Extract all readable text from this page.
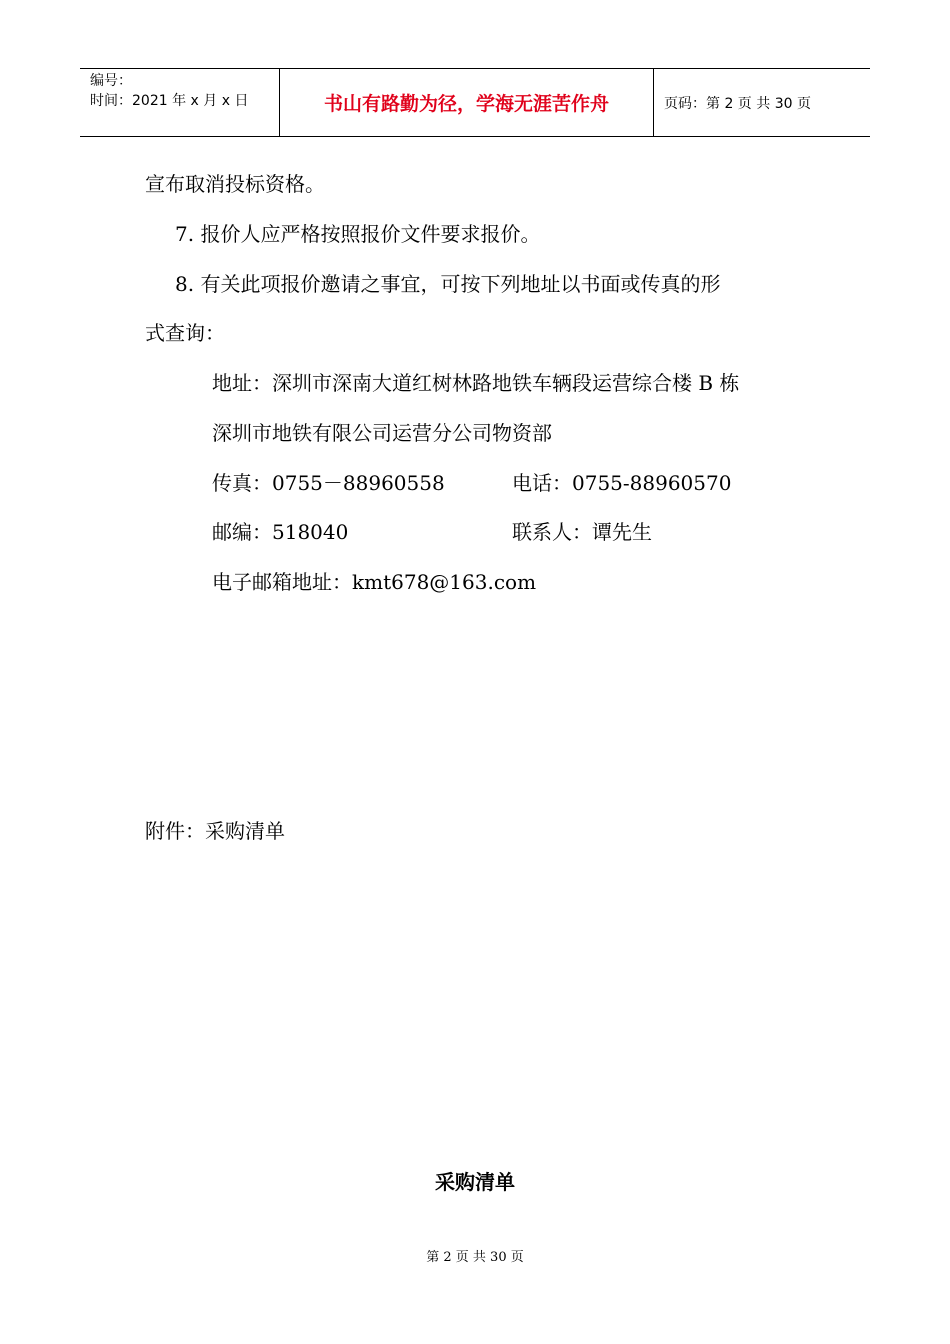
编号：
时间：2021 年 x 月 x 日	书山有路勤为径，学海无涯苦作舟	页码：第 2 页 共 30 页
宣布取消投标资格。
7. 报价人应严格按照报价文件要求报价。
8. 有关此项报价邀请之事宜，可按下列地址以书面或传真的形
式查询：
地址：深圳市深南大道红树林路地铁车辆段运营综合楼 B 栋
深圳市地铁有限公司运营分公司物资部
传真：0755－88960558	电话：0755-88960570
邮编：518040	联系人：谭先生
电子邮箱地址：kmt678@163.com
附件：采购清单
采购清单
第 2 页 共 30 页
